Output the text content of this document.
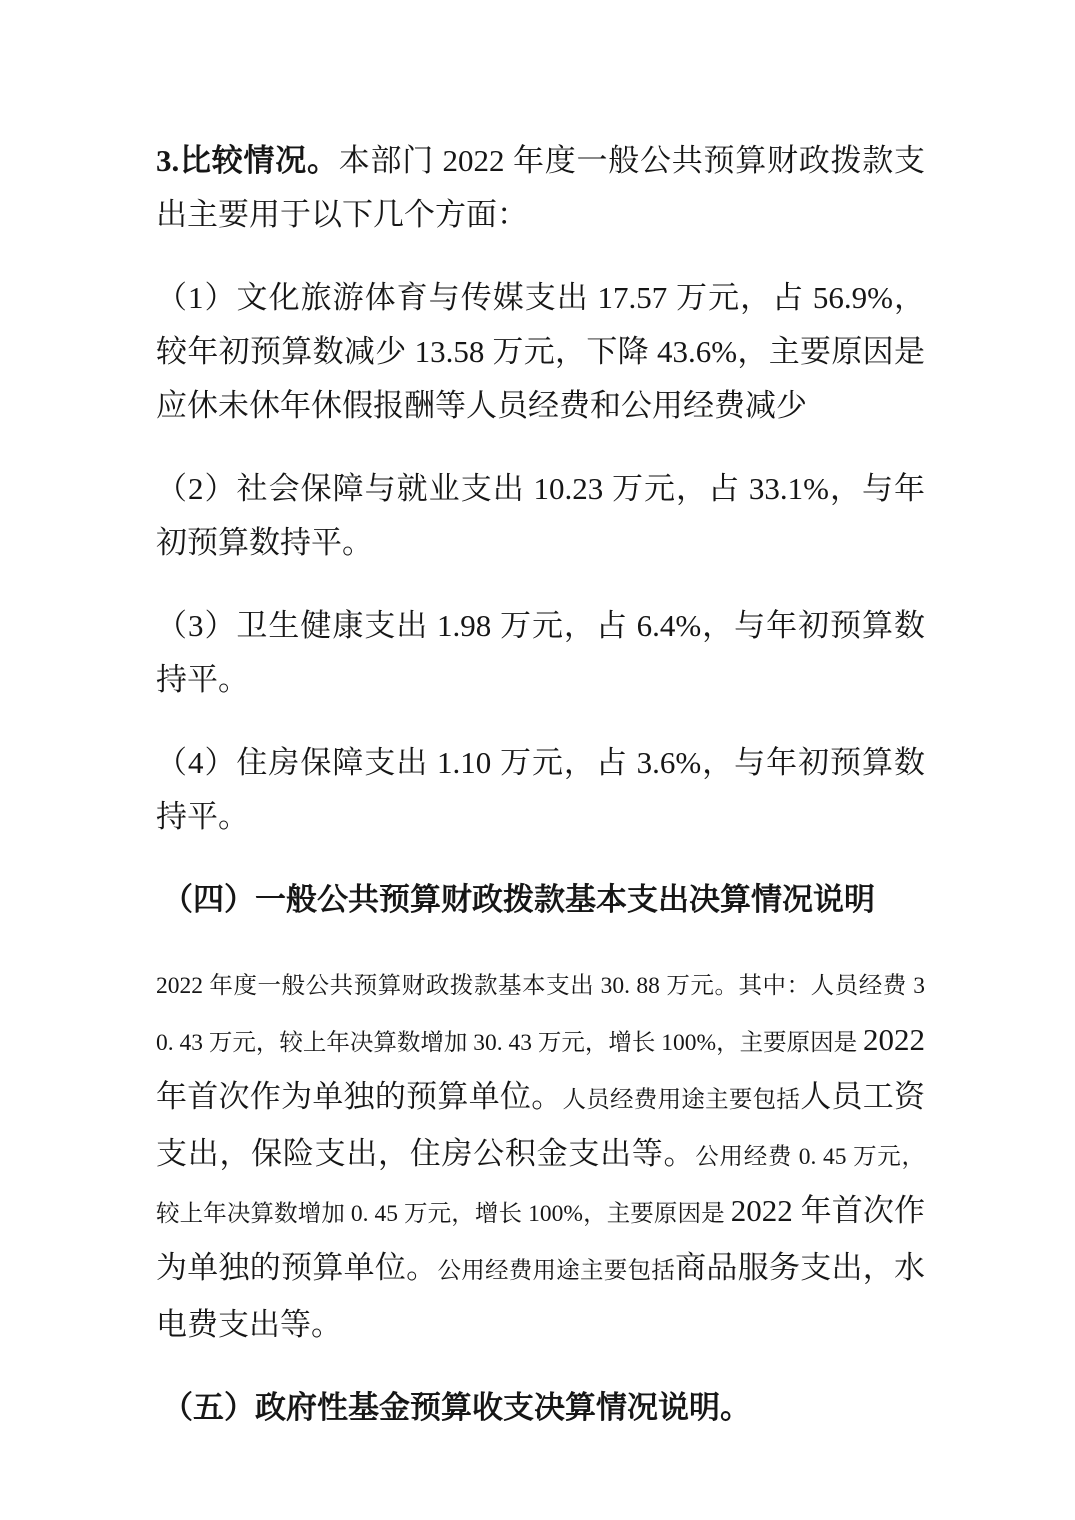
3.比较情况。本部门 2022 年度一般公共预算财政拨款支出主要用于以下几个方面：

（1）文化旅游体育与传媒支出 17.57 万元，占 56.9%，较年初预算数减少 13.58 万元，下降 43.6%，主要原因是应休未休年休假报酬等人员经费和公用经费减少

（2）社会保障与就业支出 10.23 万元，占 33.1%，与年初预算数持平。

（3）卫生健康支出 1.98 万元，占 6.4%，与年初预算数持平。

（4）住房保障支出 1.10 万元，占 3.6%，与年初预算数持平。

（四）一般公共预算财政拨款基本支出决算情况说明

2022 年度一般公共预算财政拨款基本支出 30. 88 万元。其中：人员经费 30. 43 万元，较上年决算数增加 30. 43 万元，增长 100%，主要原因是 2022 年首次作为单独的预算单位。人员经费用途主要包括人员工资支出，保险支出，住房公积金支出等。公用经费 0. 45 万元，较上年决算数增加 0. 45 万元，增长 100%，主要原因是 2022 年首次作为单独的预算单位。公用经费用途主要包括商品服务支出，水电费支出等。

（五）政府性基金预算收支决算情况说明。
